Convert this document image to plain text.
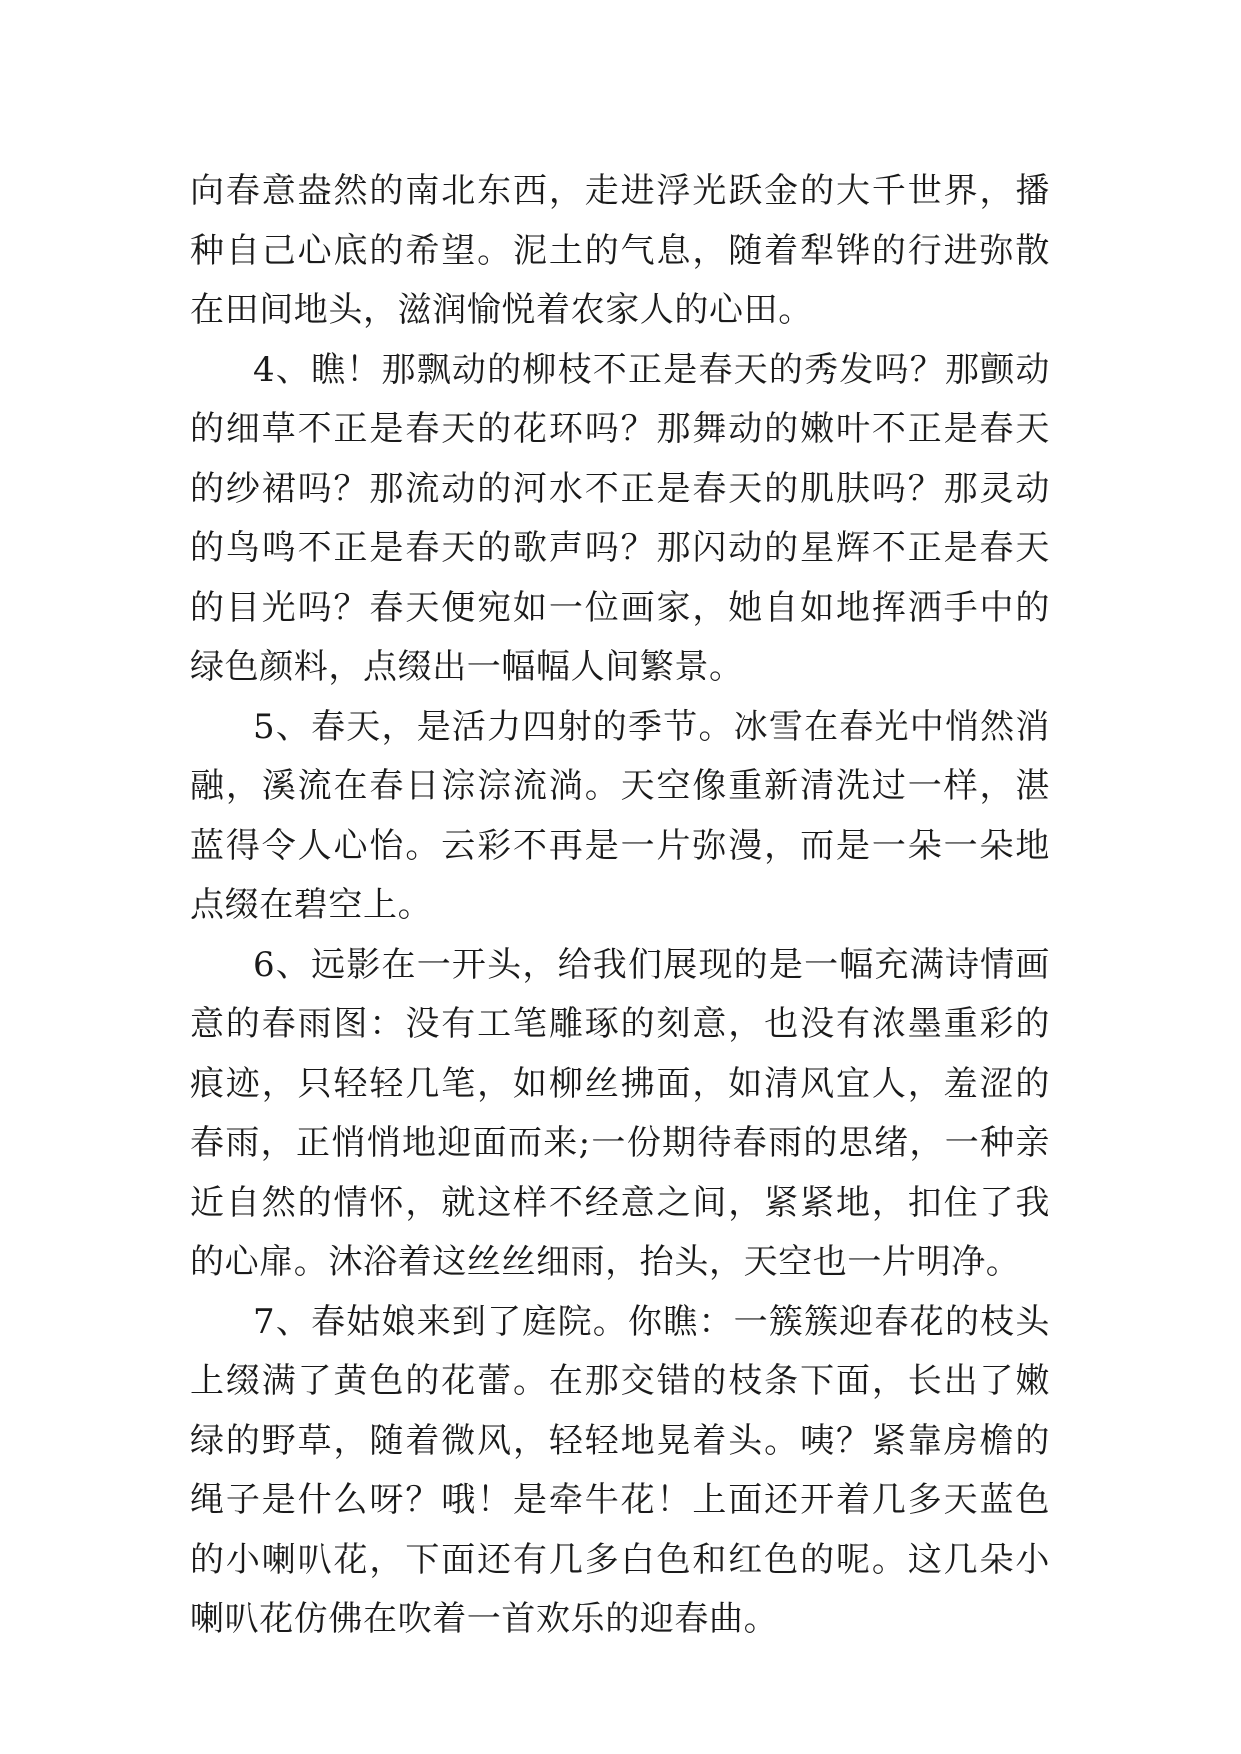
向春意盎然的南北东西，走进浮光跃金的大千世界，播种自己心底的希望。泥土的气息，随着犁铧的行进弥散在田间地头，滋润愉悦着农家人的心田。

4、瞧！那飘动的柳枝不正是春天的秀发吗？那颤动的细草不正是春天的花环吗？那舞动的嫩叶不正是春天的纱裙吗？那流动的河水不正是春天的肌肤吗？那灵动的鸟鸣不正是春天的歌声吗？那闪动的星辉不正是春天的目光吗？春天便宛如一位画家，她自如地挥洒手中的绿色颜料，点缀出一幅幅人间繁景。

5、春天，是活力四射的季节。冰雪在春光中悄然消融，溪流在春日淙淙流淌。天空像重新清洗过一样，湛蓝得令人心怡。云彩不再是一片弥漫，而是一朵一朵地点缀在碧空上。

6、远影在一开头，给我们展现的是一幅充满诗情画意的春雨图：没有工笔雕琢的刻意，也没有浓墨重彩的痕迹，只轻轻几笔，如柳丝拂面，如清风宜人，羞涩的春雨，正悄悄地迎面而来;一份期待春雨的思绪，一种亲近自然的情怀，就这样不经意之间，紧紧地，扣住了我的心扉。沐浴着这丝丝细雨，抬头，天空也一片明净。

7、春姑娘来到了庭院。你瞧：一簇簇迎春花的枝头上缀满了黄色的花蕾。在那交错的枝条下面，长出了嫩绿的野草，随着微风，轻轻地晃着头。咦？紧靠房檐的绳子是什么呀？哦！是牵牛花！上面还开着几多天蓝色的小喇叭花，下面还有几多白色和红色的呢。这几朵小喇叭花仿佛在吹着一首欢乐的迎春曲。
